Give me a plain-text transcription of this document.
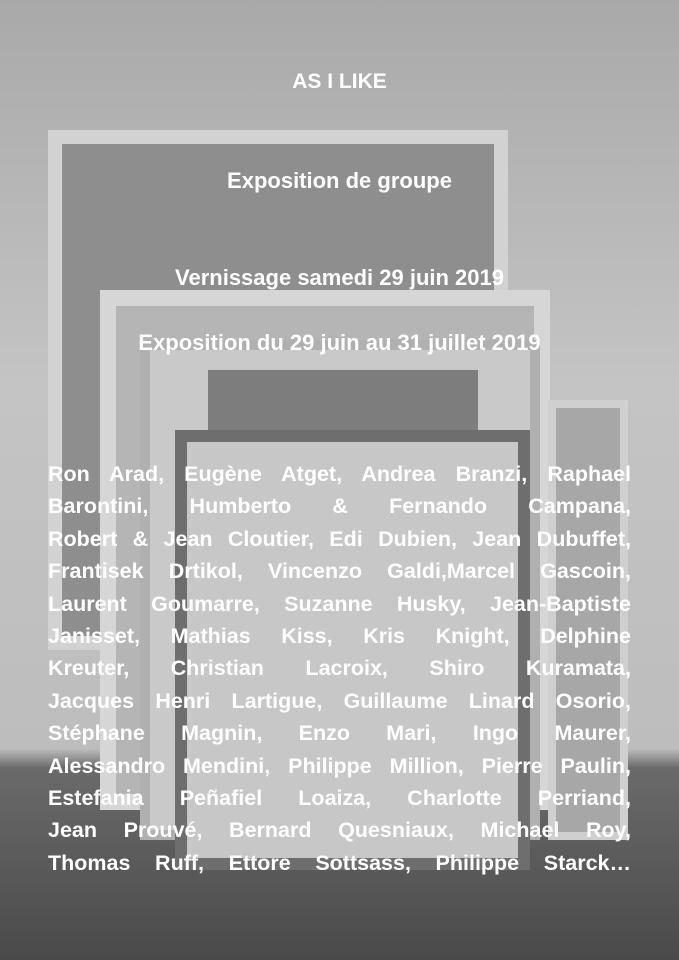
AS I LIKE
Exposition de groupe
Vernissage samedi 29 juin 2019
Exposition du 29 juin au 31 juillet 2019
Ron Arad, Eugène Atget, Andrea Branzi, Raphael
Barontini, Humberto & Fernando Campana,
Robert & Jean Cloutier, Edi Dubien, Jean Dubuffet,
Frantisek Drtikol, Vincenzo Galdi,Marcel Gascoin,
Laurent Goumarre, Suzanne Husky, Jean-Baptiste
Janisset, Mathias Kiss, Kris Knight, Delphine
Kreuter, Christian Lacroix, Shiro Kuramata,
Jacques Henri Lartigue, Guillaume Linard Osorio,
Stéphane Magnin, Enzo Mari, Ingo Maurer,
Alessandro Mendini, Philippe Million, Pierre Paulin,
Estefania Peñafiel Loaiza, Charlotte Perriand,
Jean Prouvé, Bernard Quesniaux, Michael Roy,
Thomas Ruff, Ettore Sottsass, Philippe Starck…
